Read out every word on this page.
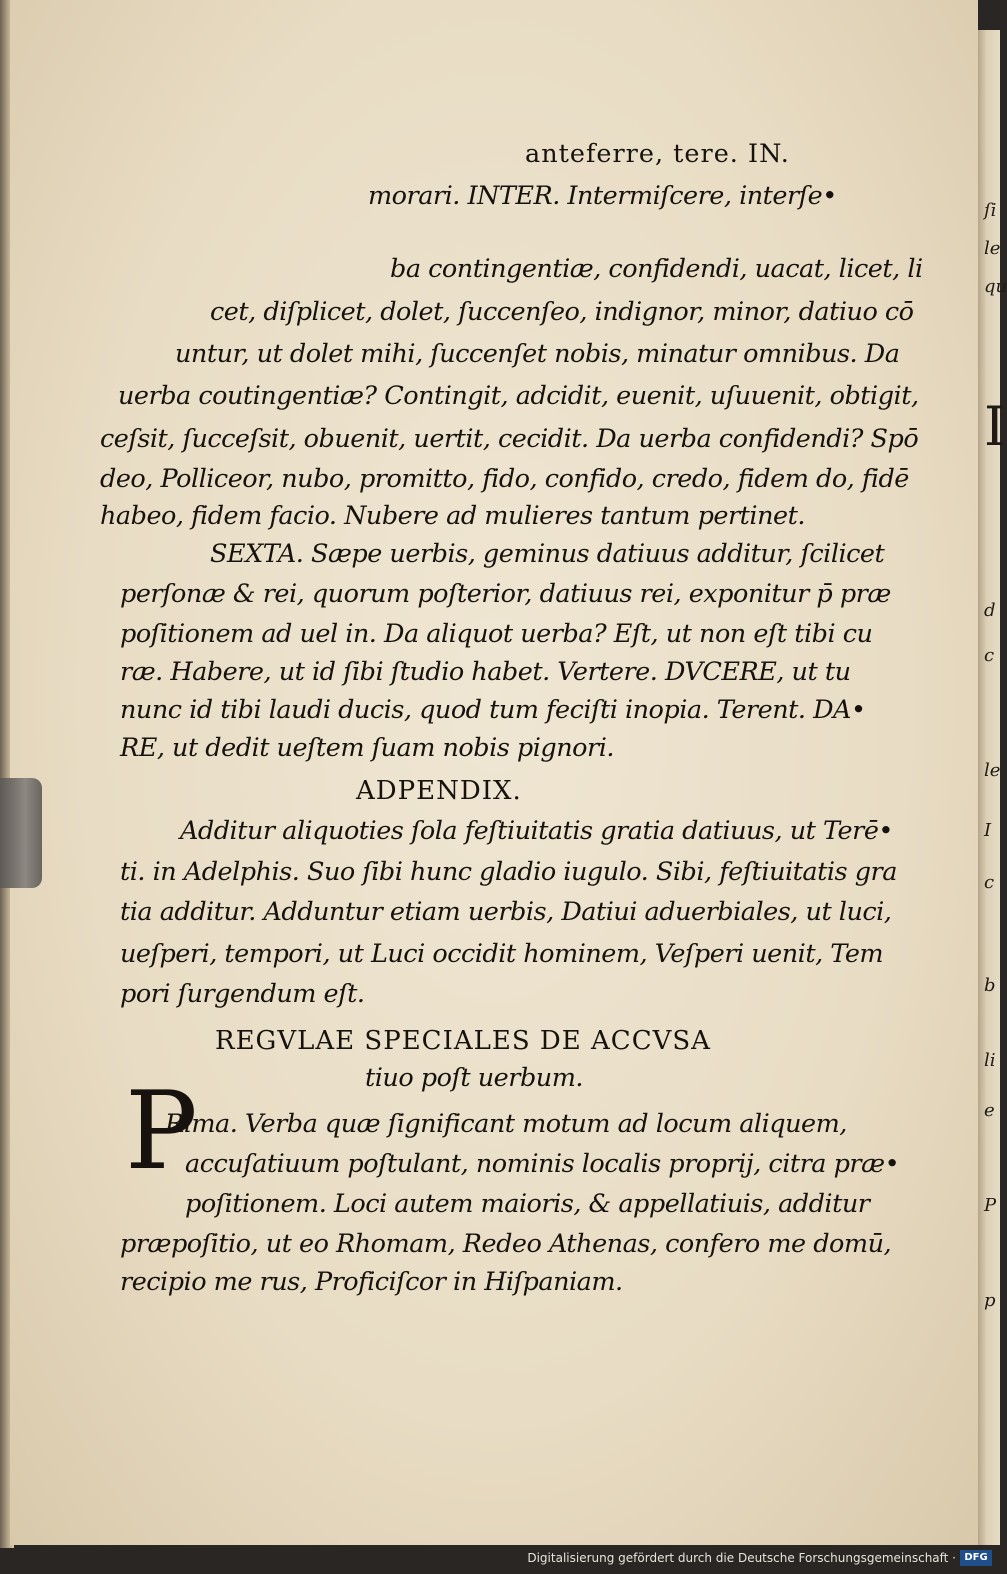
ſi
le
qu
I
d
c
le
I
c
b
li
e
P
p
anteferre, tere. IN.
morari. INTER. Intermiſcere, interſe•
ba contingentiæ, confidendi, uacat, licet, li
cet, diſplicet, dolet, ſuccenſeo, indignor, minor, datiuo cō
untur, ut dolet mihi, ſuccenſet nobis, minatur omnibus. Da
uerba coutingentiæ? Contingit, adcidit, euenit, uſuuenit, obtigit,
ceſsit, ſucceſsit, obuenit, uertit, cecidit. Da uerba confidendi? Spō
deo, Polliceor, nubo, promitto, fido, confido, credo, fidem do, fidē
habeo, fidem facio. Nubere ad mulieres tantum pertinet.
SEXTA. Sæpe uerbis, geminus datiuus additur, ſcilicet
perſonæ & rei, quorum poſterior, datiuus rei, exponitur p̄ præ
poſitionem ad uel in. Da aliquot uerba? Eſt, ut non eſt tibi cu
ræ. Habere, ut id ſibi ſtudio habet. Vertere. DVCERE, ut tu
nunc id tibi laudi ducis, quod tum feciſti inopia. Terent. DA•
RE, ut dedit ueſtem ſuam nobis pignori.
ADPENDIX.
Additur aliquoties ſola feſtiuitatis gratia datiuus, ut Terē•
ti. in Adelphis. Suo ſibi hunc gladio iugulo. Sibi, feſtiuitatis gra
tia additur. Adduntur etiam uerbis, Datiui aduerbiales, ut luci,
ueſperi, tempori, ut Luci occidit hominem, Veſperi uenit, Tem
pori ſurgendum eſt.
REGVLAE SPECIALES DE ACCVSA
tiuo poſt uerbum.
Rima. Verba quæ ſignificant motum ad locum aliquem,
accuſatiuum poſtulant, nominis localis proprij, citra præ•
poſitionem. Loci autem maioris, & appellatiuis, additur
præpoſitio, ut eo Rhomam, Redeo Athenas, confero me domū,
recipio me rus, Proficiſcor in Hiſpaniam.
P
Digitalisierung gefördert durch die Deutsche Forschungsgemeinschaft · DFG
